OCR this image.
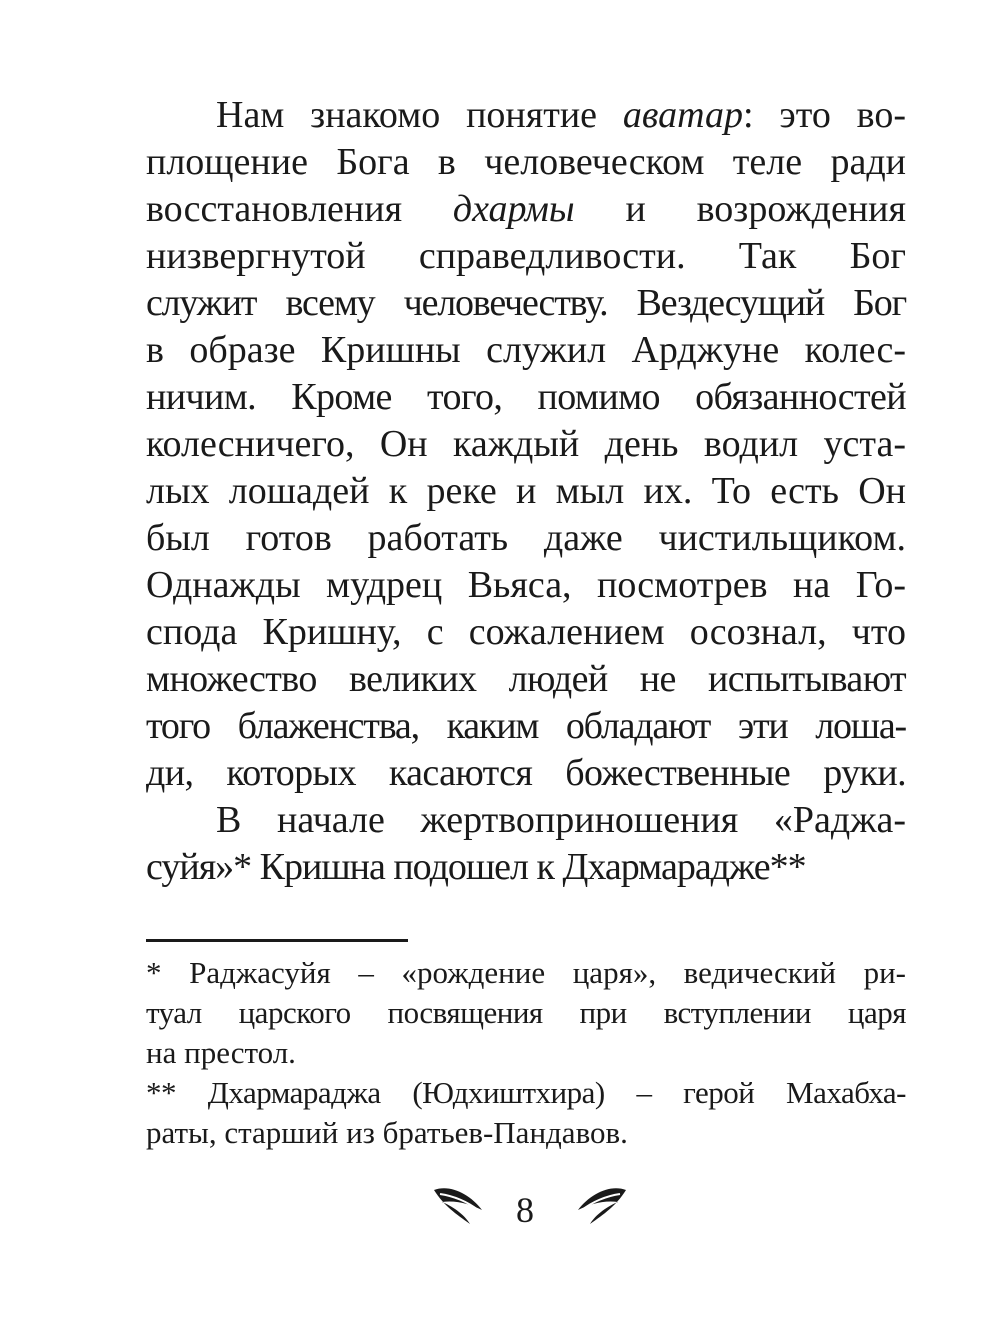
Нам знакомо понятие аватар: это во-
площение Бога в человеческом теле ради
восстановления дхармы и возрождения
низвергнутой справедливости. Так Бог
служит всему человечеству. Вездесущий Бог
в образе Кришны служил Арджуне колес-
ничим. Кроме того, помимо обязанностей
колесничего, Он каждый день водил уста-
лых лошадей к реке и мыл их. То есть Он
был готов работать даже чистильщиком.
Однажды мудрец Вьяса, посмотрев на Го-
спода Кришну, с сожалением осознал, что
множество великих людей не испытывают
того блаженства, каким обладают эти лоша-
ди, которых касаются божественные руки.
В начале жертвоприношения «Раджа-
суйя»* Кришна подошел к Дхармарадже**
* Раджасуйя – «рождение царя», ведический ри-
туал царского посвящения при вступлении царя
на престол.
** Дхармараджа (Юдхиштхира) – герой Махабха-
раты, старший из братьев-Пандавов.
8
